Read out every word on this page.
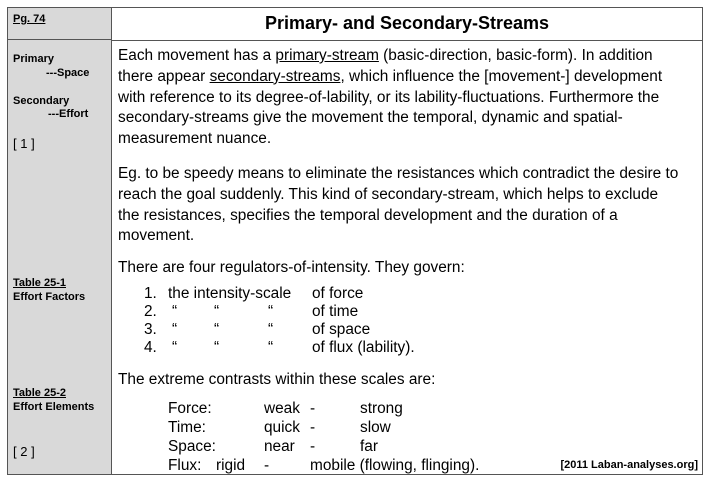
Pg. 74
Primary
---Space
Secondary
---Effort
[ 1 ]
Table 25-1
Effort Factors
Table 25-2
Effort Elements
[ 2 ]
Primary- and Secondary-Streams
Each movement has a primary-stream (basic-direction, basic-form). In addition
there appear secondary-streams, which influence the [movement-] development
with reference to its degree-of-lability, or its lability-fluctuations. Furthermore the
secondary-streams give the movement the temporal, dynamic and spatial-
measurement nuance.
Eg. to be speedy means to eliminate the resistances which contradict the desire to
reach the goal suddenly. This kind of secondary-stream, which helps to exclude
the resistances, specifies the temporal development and the duration of a
movement.
There are four regulators-of-intensity. They govern:
1. the intensity-scale of force
2. “ “	“	of time
3. “ “	“	of space
4. “ “	“	of flux (lability).
The extreme contrasts within these scales are:
Force:	weak -	strong
Time:	quick -	slow
Space:	near -	far
Flux: rigid -	mobile (flowing, flinging).	[2011 Laban-analyses.org]
